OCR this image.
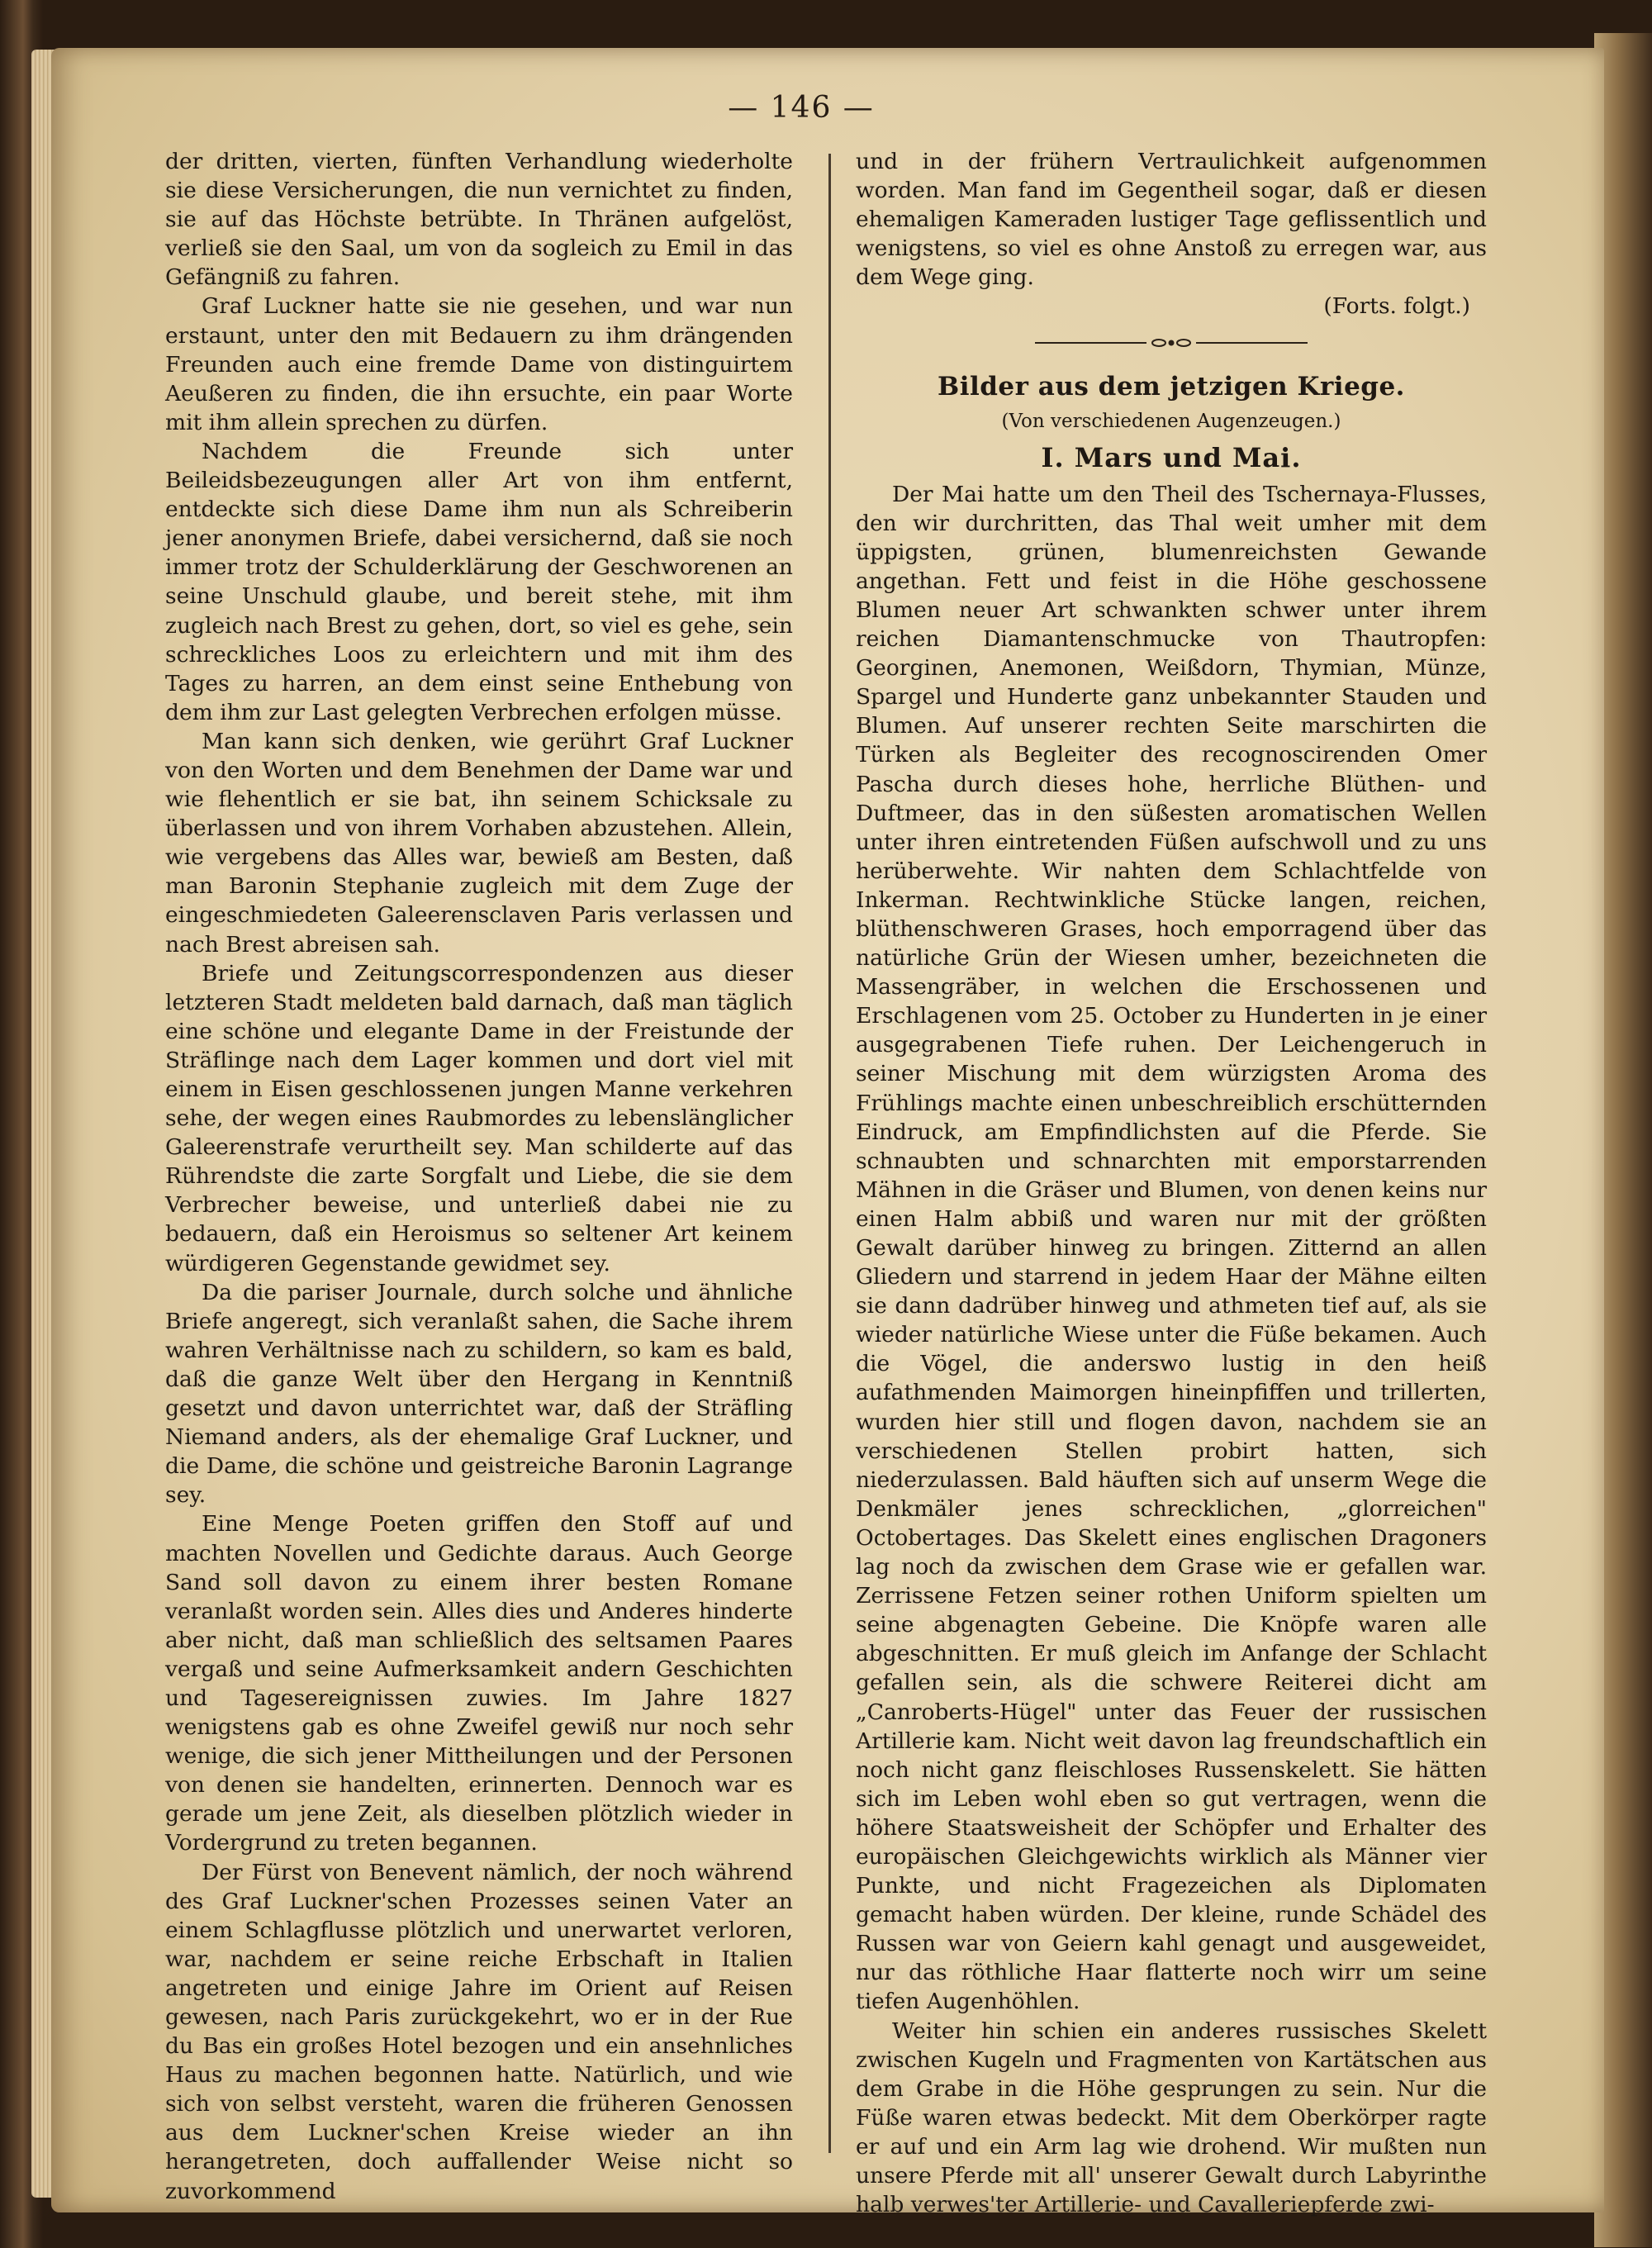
— 146 —

der dritten, vierten, fünften Verhandlung wiederholte sie diese Versicherungen, die nun vernichtet zu finden, sie auf das Höchste betrübte. In Thränen aufgelöst, verließ sie den Saal, um von da sogleich zu Emil in das Gefängniß zu fahren.

Graf Luckner hatte sie nie gesehen, und war nun erstaunt, unter den mit Bedauern zu ihm drängenden Freunden auch eine fremde Dame von distinguirtem Aeußeren zu finden, die ihn ersuchte, ein paar Worte mit ihm allein sprechen zu dürfen.

Nachdem die Freunde sich unter Beileidsbezeugungen aller Art von ihm entfernt, entdeckte sich diese Dame ihm nun als Schreiberin jener anonymen Briefe, dabei versichernd, daß sie noch immer trotz der Schulderklärung der Geschworenen an seine Unschuld glaube, und bereit stehe, mit ihm zugleich nach Brest zu gehen, dort, so viel es gehe, sein schreckliches Loos zu erleichtern und mit ihm des Tages zu harren, an dem einst seine Enthebung von dem ihm zur Last gelegten Verbrechen erfolgen müsse.

Man kann sich denken, wie gerührt Graf Luckner von den Worten und dem Benehmen der Dame war und wie flehentlich er sie bat, ihn seinem Schicksale zu überlassen und von ihrem Vorhaben abzustehen. Allein, wie vergebens das Alles war, bewieß am Besten, daß man Baronin Stephanie zugleich mit dem Zuge der eingeschmiedeten Galeerensclaven Paris verlassen und nach Brest abreisen sah.

Briefe und Zeitungscorrespondenzen aus dieser letzteren Stadt meldeten bald darnach, daß man täglich eine schöne und elegante Dame in der Freistunde der Sträflinge nach dem Lager kommen und dort viel mit einem in Eisen geschlossenen jungen Manne verkehren sehe, der wegen eines Raubmordes zu lebenslänglicher Galeerenstrafe verurtheilt sey. Man schilderte auf das Rührendste die zarte Sorgfalt und Liebe, die sie dem Verbrecher beweise, und unterließ dabei nie zu bedauern, daß ein Heroismus so seltener Art keinem würdigeren Gegenstande gewidmet sey.

Da die pariser Journale, durch solche und ähnliche Briefe angeregt, sich veranlaßt sahen, die Sache ihrem wahren Verhältnisse nach zu schildern, so kam es bald, daß die ganze Welt über den Hergang in Kenntniß gesetzt und davon unterrichtet war, daß der Sträfling Niemand anders, als der ehemalige Graf Luckner, und die Dame, die schöne und geistreiche Baronin Lagrange sey.

Eine Menge Poeten griffen den Stoff auf und machten Novellen und Gedichte daraus. Auch George Sand soll davon zu einem ihrer besten Romane veranlaßt worden sein. Alles dies und Anderes hinderte aber nicht, daß man schließlich des seltsamen Paares vergaß und seine Aufmerksamkeit andern Geschichten und Tagesereignissen zuwies. Im Jahre 1827 wenigstens gab es ohne Zweifel gewiß nur noch sehr wenige, die sich jener Mittheilungen und der Personen von denen sie handelten, erinnerten. Dennoch war es gerade um jene Zeit, als dieselben plötzlich wieder in Vordergrund zu treten begannen.

Der Fürst von Benevent nämlich, der noch während des Graf Luckner'schen Prozesses seinen Vater an einem Schlagflusse plötzlich und unerwartet verloren, war, nachdem er seine reiche Erbschaft in Italien angetreten und einige Jahre im Orient auf Reisen gewesen, nach Paris zurückgekehrt, wo er in der Rue du Bas ein großes Hotel bezogen und ein ansehnliches Haus zu machen begonnen hatte. Natürlich, und wie sich von selbst versteht, waren die früheren Genossen aus dem Luckner'schen Kreise wieder an ihn herangetreten, doch auffallender Weise nicht so zuvorkommend

und in der frühern Vertraulichkeit aufgenommen worden. Man fand im Gegentheil sogar, daß er diesen ehemaligen Kameraden lustiger Tage geflissentlich und wenigstens, so viel es ohne Anstoß zu erregen war, aus dem Wege ging.

(Forts. folgt.)

Bilder aus dem jetzigen Kriege.
(Von verschiedenen Augenzeugen.)
I. Mars und Mai.

Der Mai hatte um den Theil des Tschernaya-Flusses, den wir durchritten, das Thal weit umher mit dem üppigsten, grünen, blumenreichsten Gewande angethan. Fett und feist in die Höhe geschossene Blumen neuer Art schwankten schwer unter ihrem reichen Diamantenschmucke von Thautropfen: Georginen, Anemonen, Weißdorn, Thymian, Münze, Spargel und Hunderte ganz unbekannter Stauden und Blumen. Auf unserer rechten Seite marschirten die Türken als Begleiter des recognoscirenden Omer Pascha durch dieses hohe, herrliche Blüthen- und Duftmeer, das in den süßesten aromatischen Wellen unter ihren eintretenden Füßen aufschwoll und zu uns herüberwehte. Wir nahten dem Schlachtfelde von Inkerman. Rechtwinkliche Stücke langen, reichen, blüthenschweren Grases, hoch emporragend über das natürliche Grün der Wiesen umher, bezeichneten die Massengräber, in welchen die Erschossenen und Erschlagenen vom 25. October zu Hunderten in je einer ausgegrabenen Tiefe ruhen. Der Leichengeruch in seiner Mischung mit dem würzigsten Aroma des Frühlings machte einen unbeschreiblich erschütternden Eindruck, am Empfindlichsten auf die Pferde. Sie schnaubten und schnarchten mit emporstarrenden Mähnen in die Gräser und Blumen, von denen keins nur einen Halm abbiß und waren nur mit der größten Gewalt darüber hinweg zu bringen. Zitternd an allen Gliedern und starrend in jedem Haar der Mähne eilten sie dann dadrüber hinweg und athmeten tief auf, als sie wieder natürliche Wiese unter die Füße bekamen. Auch die Vögel, die anderswo lustig in den heiß aufathmenden Maimorgen hineinpfiffen und trillerten, wurden hier still und flogen davon, nachdem sie an verschiedenen Stellen probirt hatten, sich niederzulassen. Bald häuften sich auf unserm Wege die Denkmäler jenes schrecklichen, „glorreichen" Octobertages. Das Skelett eines englischen Dragoners lag noch da zwischen dem Grase wie er gefallen war. Zerrissene Fetzen seiner rothen Uniform spielten um seine abgenagten Gebeine. Die Knöpfe waren alle abgeschnitten. Er muß gleich im Anfange der Schlacht gefallen sein, als die schwere Reiterei dicht am „Canroberts-Hügel" unter das Feuer der russischen Artillerie kam. Nicht weit davon lag freundschaftlich ein noch nicht ganz fleischloses Russenskelett. Sie hätten sich im Leben wohl eben so gut vertragen, wenn die höhere Staatsweisheit der Schöpfer und Erhalter des europäischen Gleichgewichts wirklich als Männer vier Punkte, und nicht Fragezeichen als Diplomaten gemacht haben würden. Der kleine, runde Schädel des Russen war von Geiern kahl genagt und ausgeweidet, nur das röthliche Haar flatterte noch wirr um seine tiefen Augenhöhlen.

Weiter hin schien ein anderes russisches Skelett zwischen Kugeln und Fragmenten von Kartätschen aus dem Grabe in die Höhe gesprungen zu sein. Nur die Füße waren etwas bedeckt. Mit dem Oberkörper ragte er auf und ein Arm lag wie drohend. Wir mußten nun unsere Pferde mit all' unserer Gewalt durch Labyrinthe halb verwes'ter Artillerie- und Cavalleriepferde zwi-
